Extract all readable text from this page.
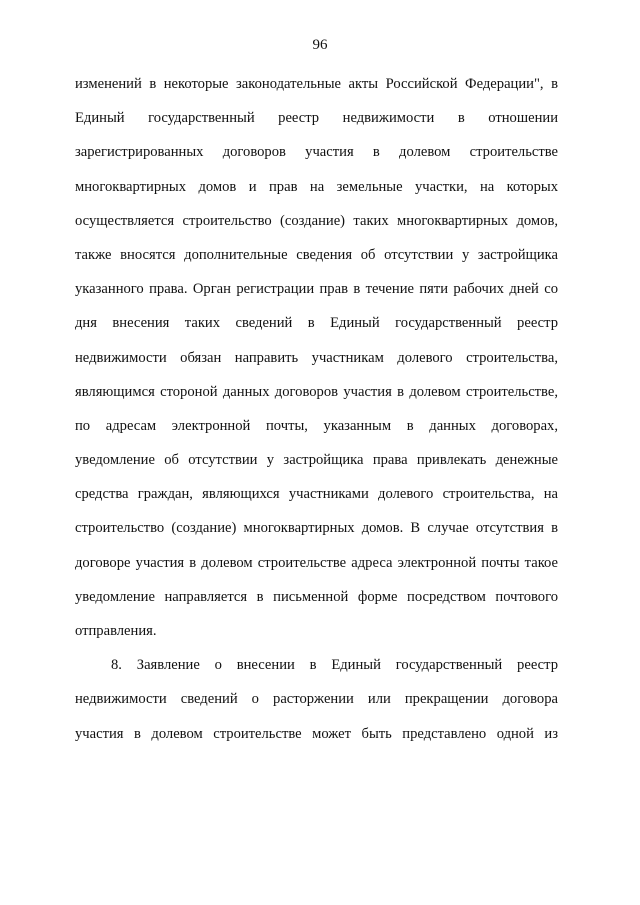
96
изменений в некоторые законодательные акты Российской Федерации", в
Единый государственный реестр недвижимости в отношении
зарегистрированных договоров участия в долевом строительстве
многоквартирных домов и прав на земельные участки, на которых
осуществляется строительство (создание) таких многоквартирных домов,
также вносятся дополнительные сведения об отсутствии у застройщика
указанного права. Орган регистрации прав в течение пяти рабочих дней со
дня внесения таких сведений в Единый государственный реестр
недвижимости обязан направить участникам долевого строительства,
являющимся стороной данных договоров участия в долевом строительстве,
по адресам электронной почты, указанным в данных договорах,
уведомление об отсутствии у застройщика права привлекать денежные
средства граждан, являющихся участниками долевого строительства, на
строительство (создание) многоквартирных домов. В случае отсутствия в
договоре участия в долевом строительстве адреса электронной почты такое
уведомление направляется в письменной форме посредством почтового
отправления.
8. Заявление о внесении в Единый государственный реестр
недвижимости сведений о расторжении или прекращении договора
участия в долевом строительстве может быть представлено одной из
